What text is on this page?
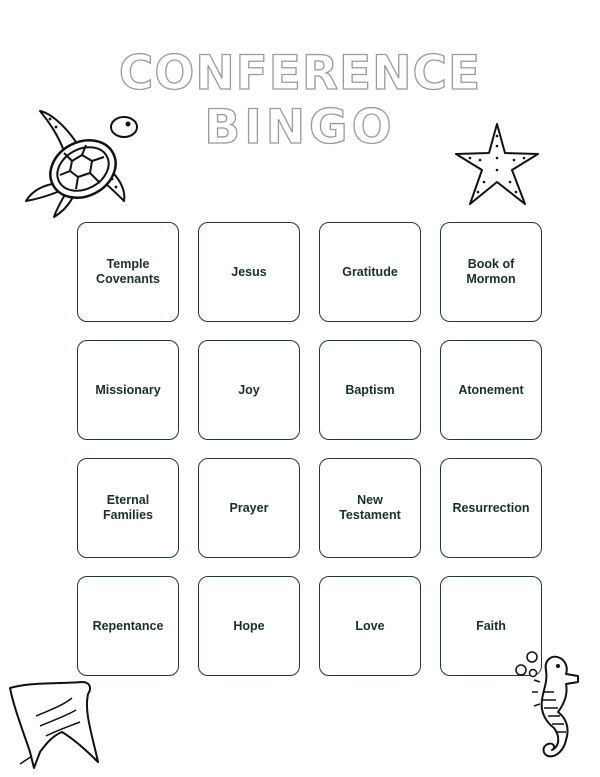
CONFERENCE
BINGO
Temple
Covenants
Jesus	Gratitude
Book of
Mormon
Missionary	Joy	Baptism	Atonement
Eternal
Families
Prayer
New
Testament
Resurrection
Repentance	Hope	Love	Faith
